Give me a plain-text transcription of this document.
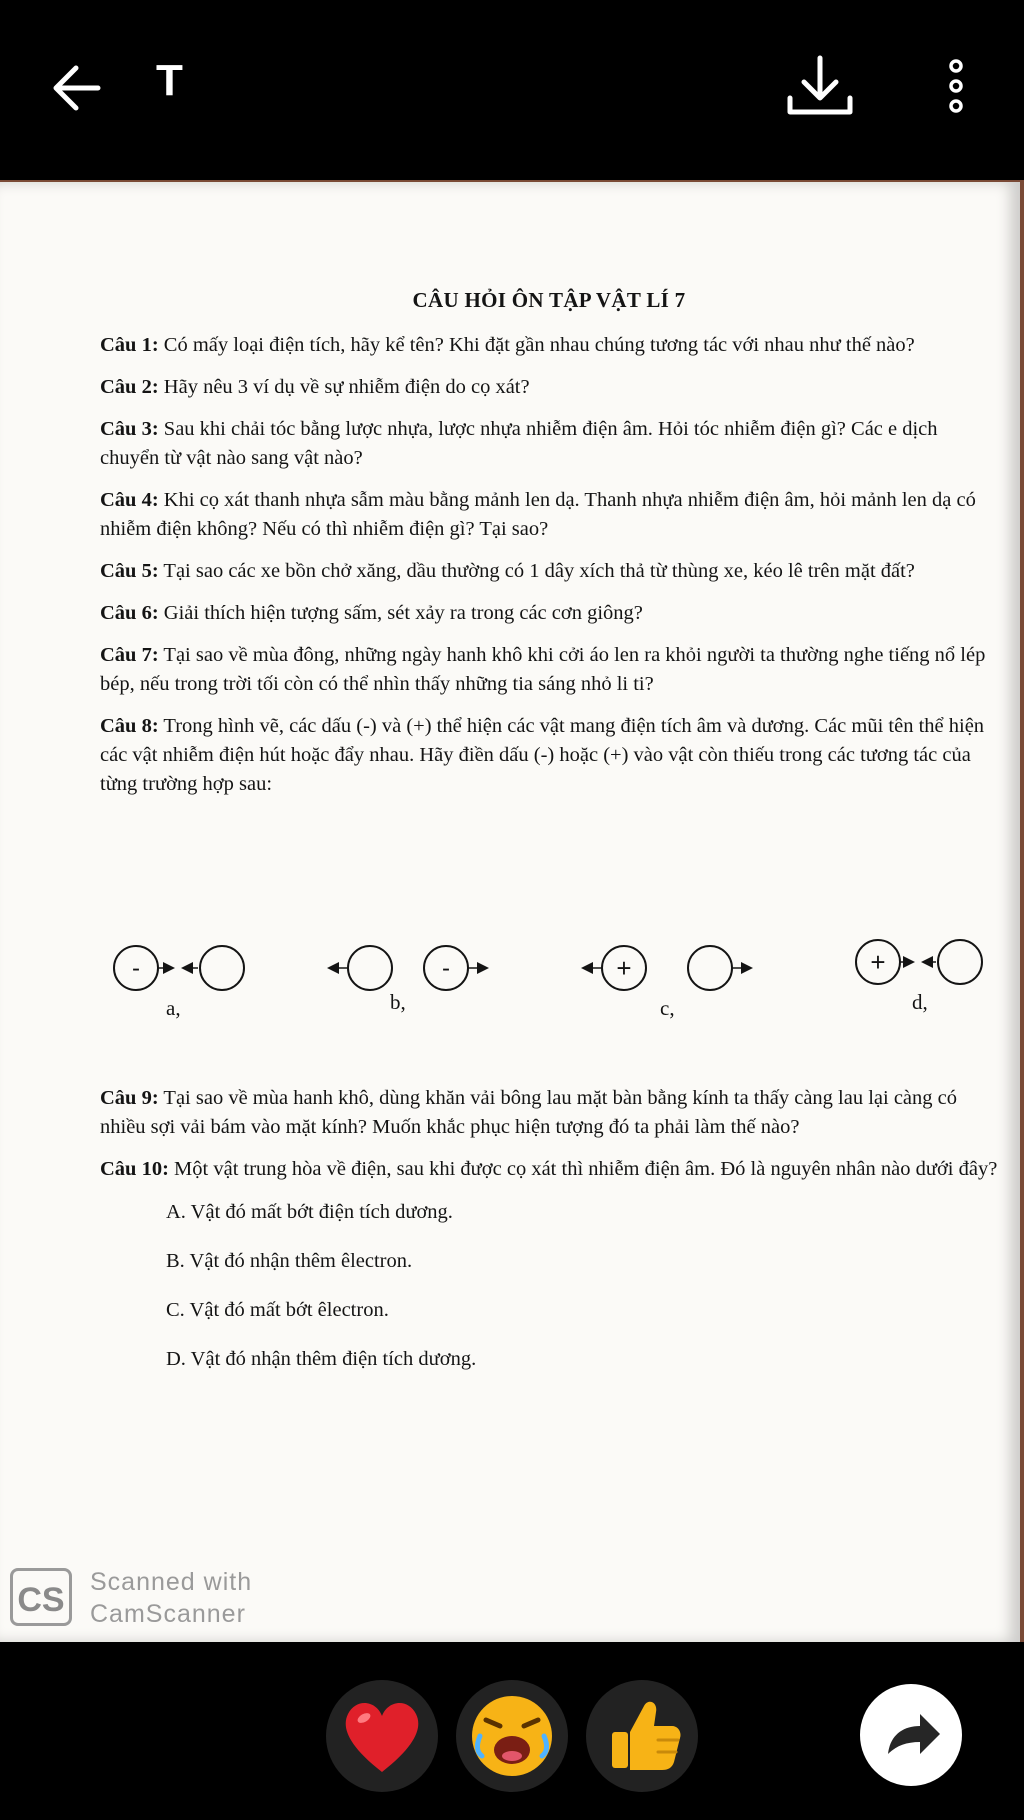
T
CÂU HỎI ÔN TẬP VẬT LÍ 7
Câu 1: Có mấy loại điện tích, hãy kể tên? Khi đặt gần nhau chúng tương tác với nhau như thế nào?
Câu 2: Hãy nêu 3 ví dụ về sự nhiễm điện do cọ xát?
Câu 3: Sau khi chải tóc bằng lược nhựa, lược nhựa nhiễm điện âm. Hỏi tóc nhiễm điện gì? Các e dịch chuyển từ vật nào sang vật nào?
Câu 4: Khi cọ xát thanh nhựa sẫm màu bằng mảnh len dạ. Thanh nhựa nhiễm điện âm, hỏi mảnh len dạ có nhiễm điện không? Nếu có thì nhiễm điện gì? Tại sao?
Câu 5: Tại sao các xe bồn chở xăng, dầu thường có 1 dây xích thả từ thùng xe, kéo lê trên mặt đất?
Câu 6: Giải thích hiện tượng sấm, sét xảy ra trong các cơn giông?
Câu 7: Tại sao về mùa đông, những ngày hanh khô khi cởi áo len ra khỏi người ta thường nghe tiếng nổ lép bép, nếu trong trời tối còn có thể nhìn thấy những tia sáng nhỏ li ti?
Câu 8: Trong hình vẽ, các dấu (-) và (+) thể hiện các vật mang điện tích âm và dương. Các mũi tên thể hiện các vật nhiễm điện hút hoặc đẩy nhau. Hãy điền dấu (-) hoặc (+) vào vật còn thiếu trong các tương tác của từng trường hợp sau:
-	-	+	+
a,	b,	c,	d,
Câu 9: Tại sao về mùa hanh khô, dùng khăn vải bông lau mặt bàn bằng kính ta thấy càng lau lại càng có nhiều sợi vải bám vào mặt kính? Muốn khắc phục hiện tượng đó ta phải làm thế nào?
Câu 10: Một vật trung hòa về điện, sau khi được cọ xát thì nhiễm điện âm. Đó là nguyên nhân nào dưới đây?
A. Vật đó mất bớt điện tích dương.
B. Vật đó nhận thêm êlectron.
C. Vật đó mất bớt êlectron.
D. Vật đó nhận thêm điện tích dương.
CS Scanned with
CamScanner
